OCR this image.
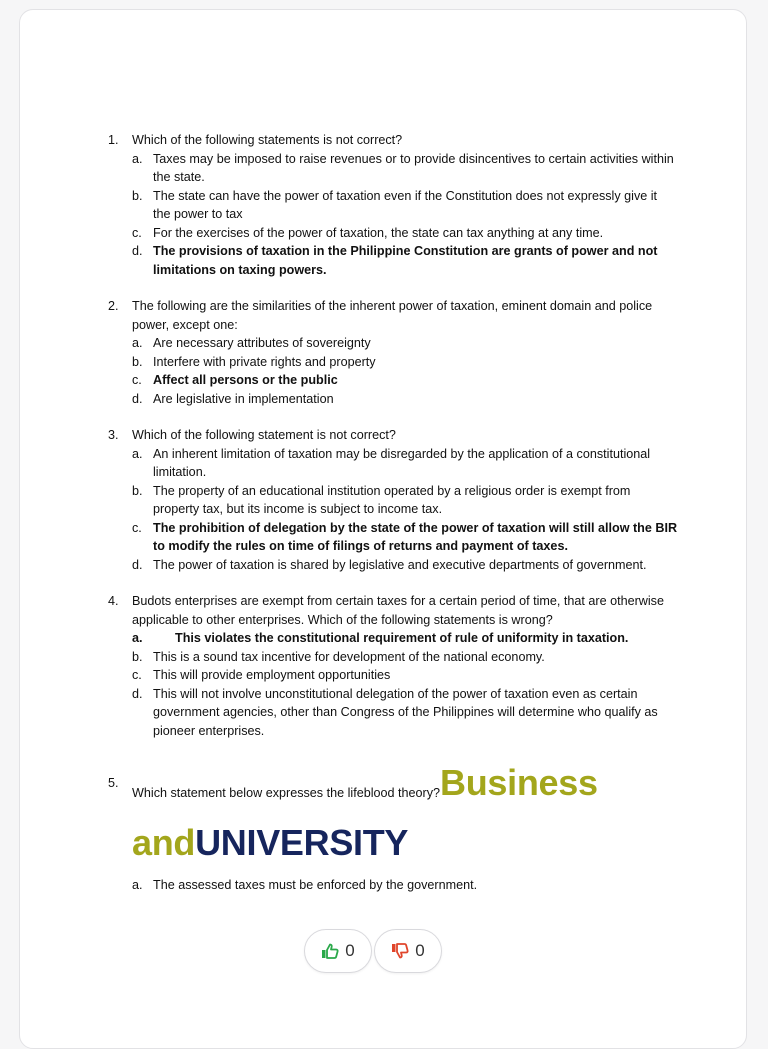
1. Which of the following statements is not correct?
a. Taxes may be imposed to raise revenues or to provide disincentives to certain activities within the state.
b. The state can have the power of taxation even if the Constitution does not expressly give it the power to tax
c. For the exercises of the power of taxation, the state can tax anything at any time.
d. The provisions of taxation in the Philippine Constitution are grants of power and not limitations on taxing powers.
2. The following are the similarities of the inherent power of taxation, eminent domain and police power, except one:
a. Are necessary attributes of sovereignty
b. Interfere with private rights and property
c. Affect all persons or the public
d. Are legislative in implementation
3. Which of the following statement is not correct?
a. An inherent limitation of taxation may be disregarded by the application of a constitutional limitation.
b. The property of an educational institution operated by a religious order is exempt from property tax, but its income is subject to income tax.
c. The prohibition of delegation by the state of the power of taxation will still allow the BIR to modify the rules on time of filings of returns and payment of taxes.
d. The power of taxation is shared by legislative and executive departments of government.
4. Budots enterprises are exempt from certain taxes for a certain period of time, that are otherwise applicable to other enterprises. Which of the following statements is wrong?
a.	This violates the constitutional requirement of rule of uniformity in taxation.
b. This is a sound tax incentive for development of the national economy.
c. This will provide employment opportunities
d. This will not involve unconstitutional delegation of the power of taxation even as certain government agencies, other than Congress of the Philippines will determine who qualify as pioneer enterprises.
5.
Which statement below expresses the lifeblood theory? Business
andUNIVERSITY
a. The assessed taxes must be enforced by the government.
0	0
